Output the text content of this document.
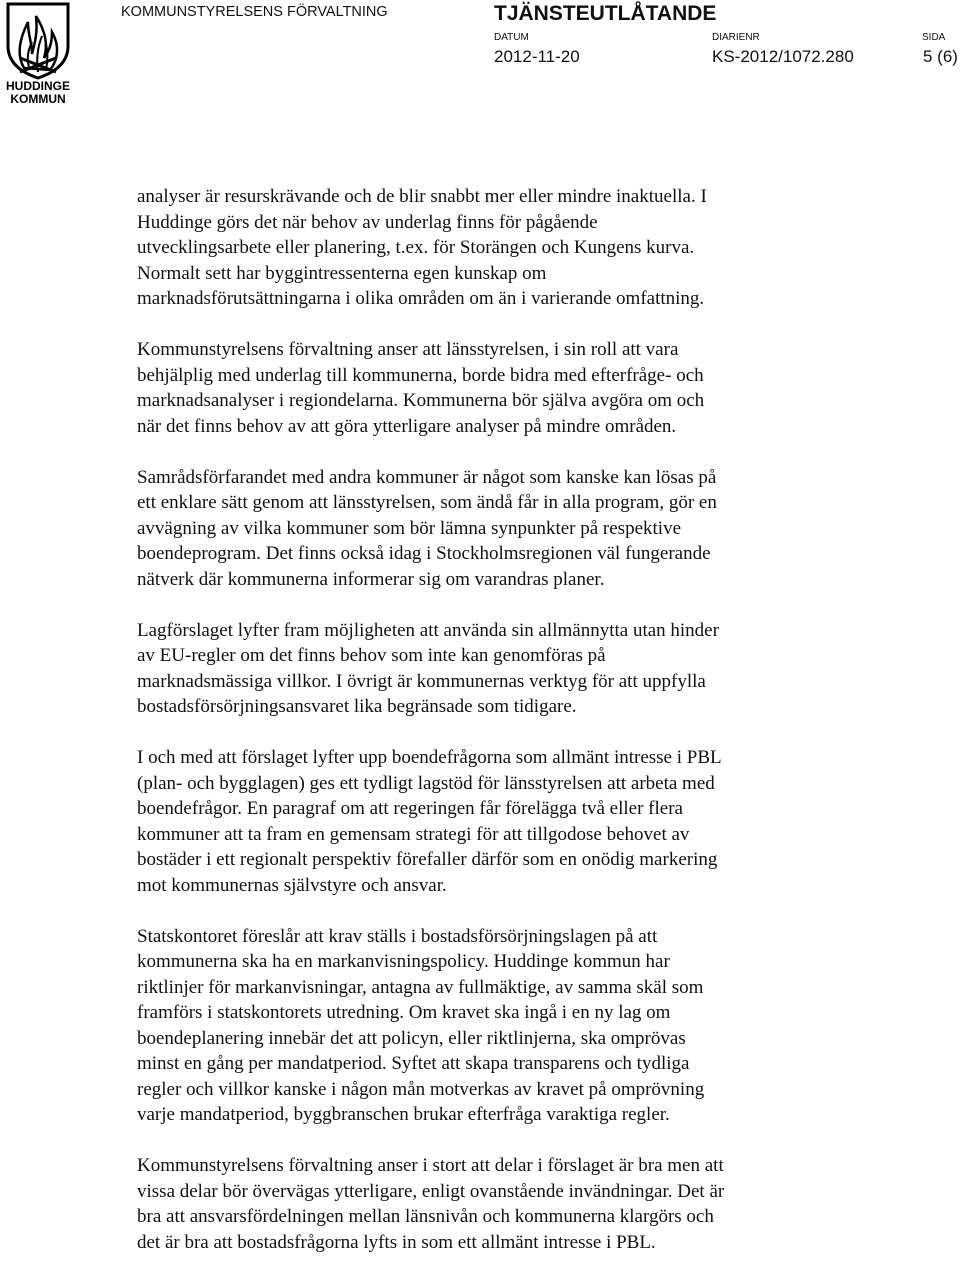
HUDDINGE
KOMMUN
KOMMUNSTYRELSENS FÖRVALTNING	TJÄNSTEUTLÅTANDE
DATUM
2012-11-20
DIARIENR
KS-2012/1072.280
SIDA
5 (6)

analyser är resurskrävande och de blir snabbt mer eller mindre inaktuella. I
Huddinge görs det när behov av underlag finns för pågående
utvecklingsarbete eller planering, t.ex. för Storängen och Kungens kurva.
Normalt sett har byggintressenterna egen kunskap om
marknadsförutsättningarna i olika områden om än i varierande omfattning.

Kommunstyrelsens förvaltning anser att länsstyrelsen, i sin roll att vara
behjälplig med underlag till kommunerna, borde bidra med efterfråge- och
marknadsanalyser i regiondelarna. Kommunerna bör själva avgöra om och
när det finns behov av att göra ytterligare analyser på mindre områden.

Samrådsförfarandet med andra kommuner är något som kanske kan lösas på
ett enklare sätt genom att länsstyrelsen, som ändå får in alla program, gör en
avvägning av vilka kommuner som bör lämna synpunkter på respektive
boendeprogram. Det finns också idag i Stockholmsregionen väl fungerande
nätverk där kommunerna informerar sig om varandras planer.

Lagförslaget lyfter fram möjligheten att använda sin allmännytta utan hinder
av EU-regler om det finns behov som inte kan genomföras på
marknadsmässiga villkor. I övrigt är kommunernas verktyg för att uppfylla
bostadsförsörjningsansvaret lika begränsade som tidigare.

I och med att förslaget lyfter upp boendefrågorna som allmänt intresse i PBL
(plan- och bygglagen) ges ett tydligt lagstöd för länsstyrelsen att arbeta med
boendefrågor. En paragraf om att regeringen får förelägga två eller flera
kommuner att ta fram en gemensam strategi för att tillgodose behovet av
bostäder i ett regionalt perspektiv förefaller därför som en onödig markering
mot kommunernas självstyre och ansvar.

Statskontoret föreslår att krav ställs i bostadsförsörjningslagen på att
kommunerna ska ha en markanvisningspolicy. Huddinge kommun har
riktlinjer för markanvisningar, antagna av fullmäktige, av samma skäl som
framförs i statskontorets utredning. Om kravet ska ingå i en ny lag om
boendeplanering innebär det att policyn, eller riktlinjerna, ska omprövas
minst en gång per mandatperiod. Syftet att skapa transparens och tydliga
regler och villkor kanske i någon mån motverkas av kravet på omprövning
varje mandatperiod, byggbranschen brukar efterfråga varaktiga regler.

Kommunstyrelsens förvaltning anser i stort att delar i förslaget är bra men att
vissa delar bör övervägas ytterligare, enligt ovanstående invändningar. Det är
bra att ansvarsfördelningen mellan länsnivån och kommunerna klargörs och
det är bra att bostadsfrågorna lyfts in som ett allmänt intresse i PBL.
